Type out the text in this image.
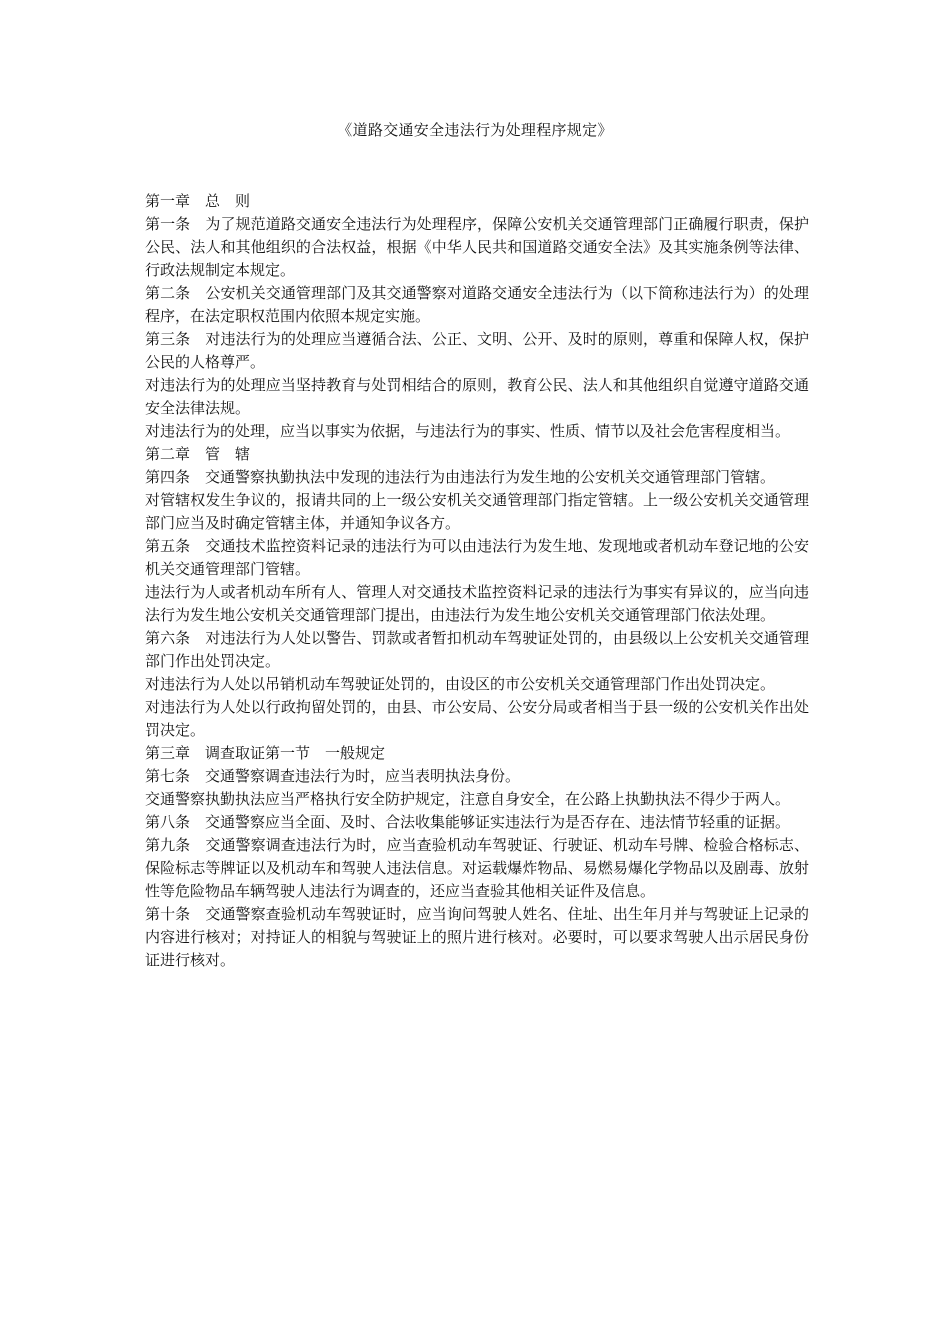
《道路交通安全违法行为处理程序规定》

第一章　总　则

第一条　为了规范道路交通安全违法行为处理程序，保障公安机关交通管理部门正确履行职责，保护公民、法人和其他组织的合法权益，根据《中华人民共和国道路交通安全法》及其实施条例等法律、行政法规制定本规定。

第二条　公安机关交通管理部门及其交通警察对道路交通安全违法行为（以下简称违法行为）的处理程序，在法定职权范围内依照本规定实施。

第三条　对违法行为的处理应当遵循合法、公正、文明、公开、及时的原则，尊重和保障人权，保护公民的人格尊严。

对违法行为的处理应当坚持教育与处罚相结合的原则，教育公民、法人和其他组织自觉遵守道路交通安全法律法规。

对违法行为的处理，应当以事实为依据，与违法行为的事实、性质、情节以及社会危害程度相当。

第二章　管　辖

第四条　交通警察执勤执法中发现的违法行为由违法行为发生地的公安机关交通管理部门管辖。

对管辖权发生争议的，报请共同的上一级公安机关交通管理部门指定管辖。上一级公安机关交通管理部门应当及时确定管辖主体，并通知争议各方。

第五条　交通技术监控资料记录的违法行为可以由违法行为发生地、发现地或者机动车登记地的公安机关交通管理部门管辖。

违法行为人或者机动车所有人、管理人对交通技术监控资料记录的违法行为事实有异议的，应当向违法行为发生地公安机关交通管理部门提出，由违法行为发生地公安机关交通管理部门依法处理。

第六条　对违法行为人处以警告、罚款或者暂扣机动车驾驶证处罚的，由县级以上公安机关交通管理部门作出处罚决定。

对违法行为人处以吊销机动车驾驶证处罚的，由设区的市公安机关交通管理部门作出处罚决定。

对违法行为人处以行政拘留处罚的，由县、市公安局、公安分局或者相当于县一级的公安机关作出处罚决定。

第三章　调查取证第一节　一般规定

第七条　交通警察调查违法行为时，应当表明执法身份。

交通警察执勤执法应当严格执行安全防护规定，注意自身安全，在公路上执勤执法不得少于两人。

第八条　交通警察应当全面、及时、合法收集能够证实违法行为是否存在、违法情节轻重的证据。

第九条　交通警察调查违法行为时，应当查验机动车驾驶证、行驶证、机动车号牌、检验合格标志、保险标志等牌证以及机动车和驾驶人违法信息。对运载爆炸物品、易燃易爆化学物品以及剧毒、放射性等危险物品车辆驾驶人违法行为调查的，还应当查验其他相关证件及信息。

第十条　交通警察查验机动车驾驶证时，应当询问驾驶人姓名、住址、出生年月并与驾驶证上记录的内容进行核对；对持证人的相貌与驾驶证上的照片进行核对。必要时，可以要求驾驶人出示居民身份证进行核对。
